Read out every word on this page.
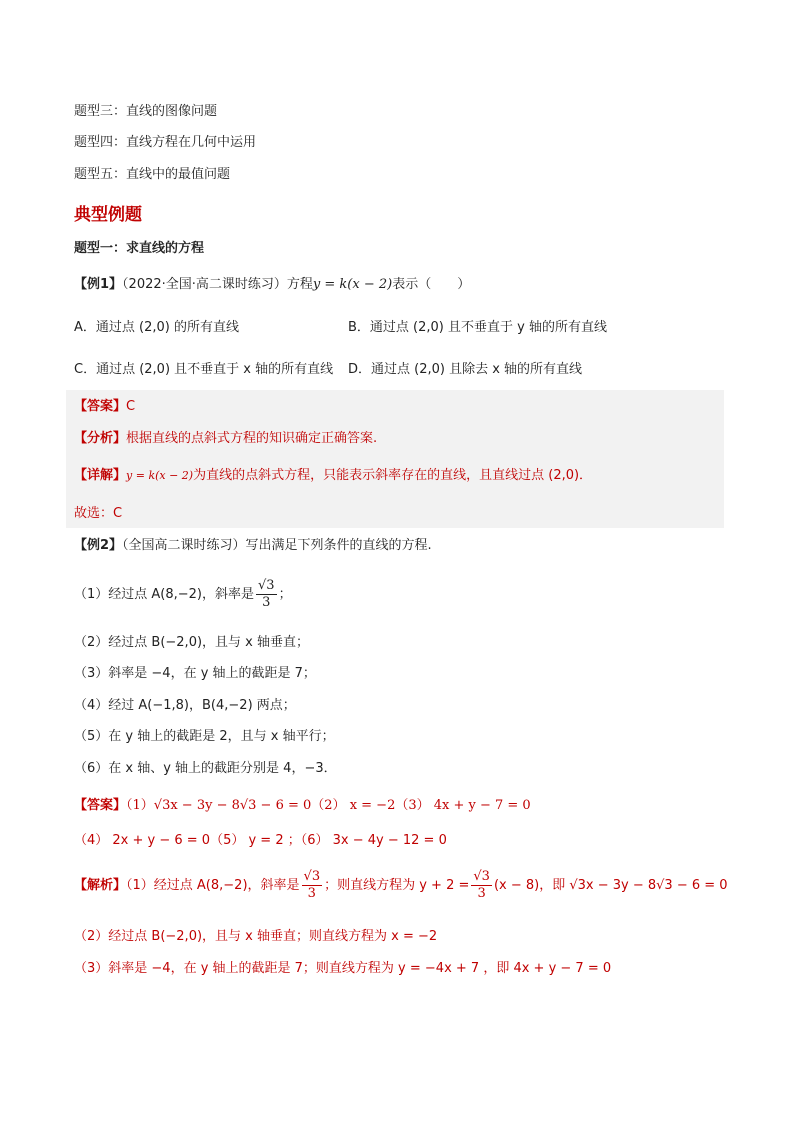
题型三：直线的图像问题
题型四：直线方程在几何中运用
题型五：直线中的最值问题
典型例题
题型一：求直线的方程
【例1】（2022·全国·高二课时练习）方程y = k(x − 2)表示（　　）
A．通过点 (2,0) 的所有直线	B．通过点 (2,0) 且不垂直于 y 轴的所有直线
C．通过点 (2,0) 且不垂直于 x 轴的所有直线 D．通过点 (2,0) 且除去 x 轴的所有直线
【答案】C
【分析】根据直线的点斜式方程的知识确定正确答案.
【详解】y = k(x − 2)为直线的点斜式方程，只能表示斜率存在的直线，且直线过点 (2,0)．
故选：C
【例2】（全国高二课时练习）写出满足下列条件的直线的方程.
（1）经过点 A(8,−2)，斜率是 $\frac{√3}{3}$ ；
（2）经过点 B(−2,0)，且与 x 轴垂直；
（3）斜率是 −4，在 y 轴上的截距是 7；
（4）经过 A(−1,8)，B(4,−2) 两点；
（5）在 y 轴上的截距是 2，且与 x 轴平行；
（6）在 x 轴、y 轴上的截距分别是 4，−3．
【答案】（1）√3x − 3y − 8√3 − 6 = 0（2） x = −2（3） 4x + y − 7 = 0
（4） 2x + y − 6 = 0（5） y = 2 ；（6） 3x − 4y − 12 = 0
【解析】（1）经过点 A(8,−2)，斜率是 $\frac{√3}{3}$ ；则直线方程为 $y + 2 = \frac{√3}{3} (x - 8)$，即 √3x − 3y − 8√3 − 6 = 0
（2）经过点 B(−2,0)，且与 x 轴垂直；则直线方程为 x = −2
（3）斜率是 −4，在 y 轴上的截距是 7；则直线方程为 y = −4x + 7 ，即 4x + y − 7 = 0
